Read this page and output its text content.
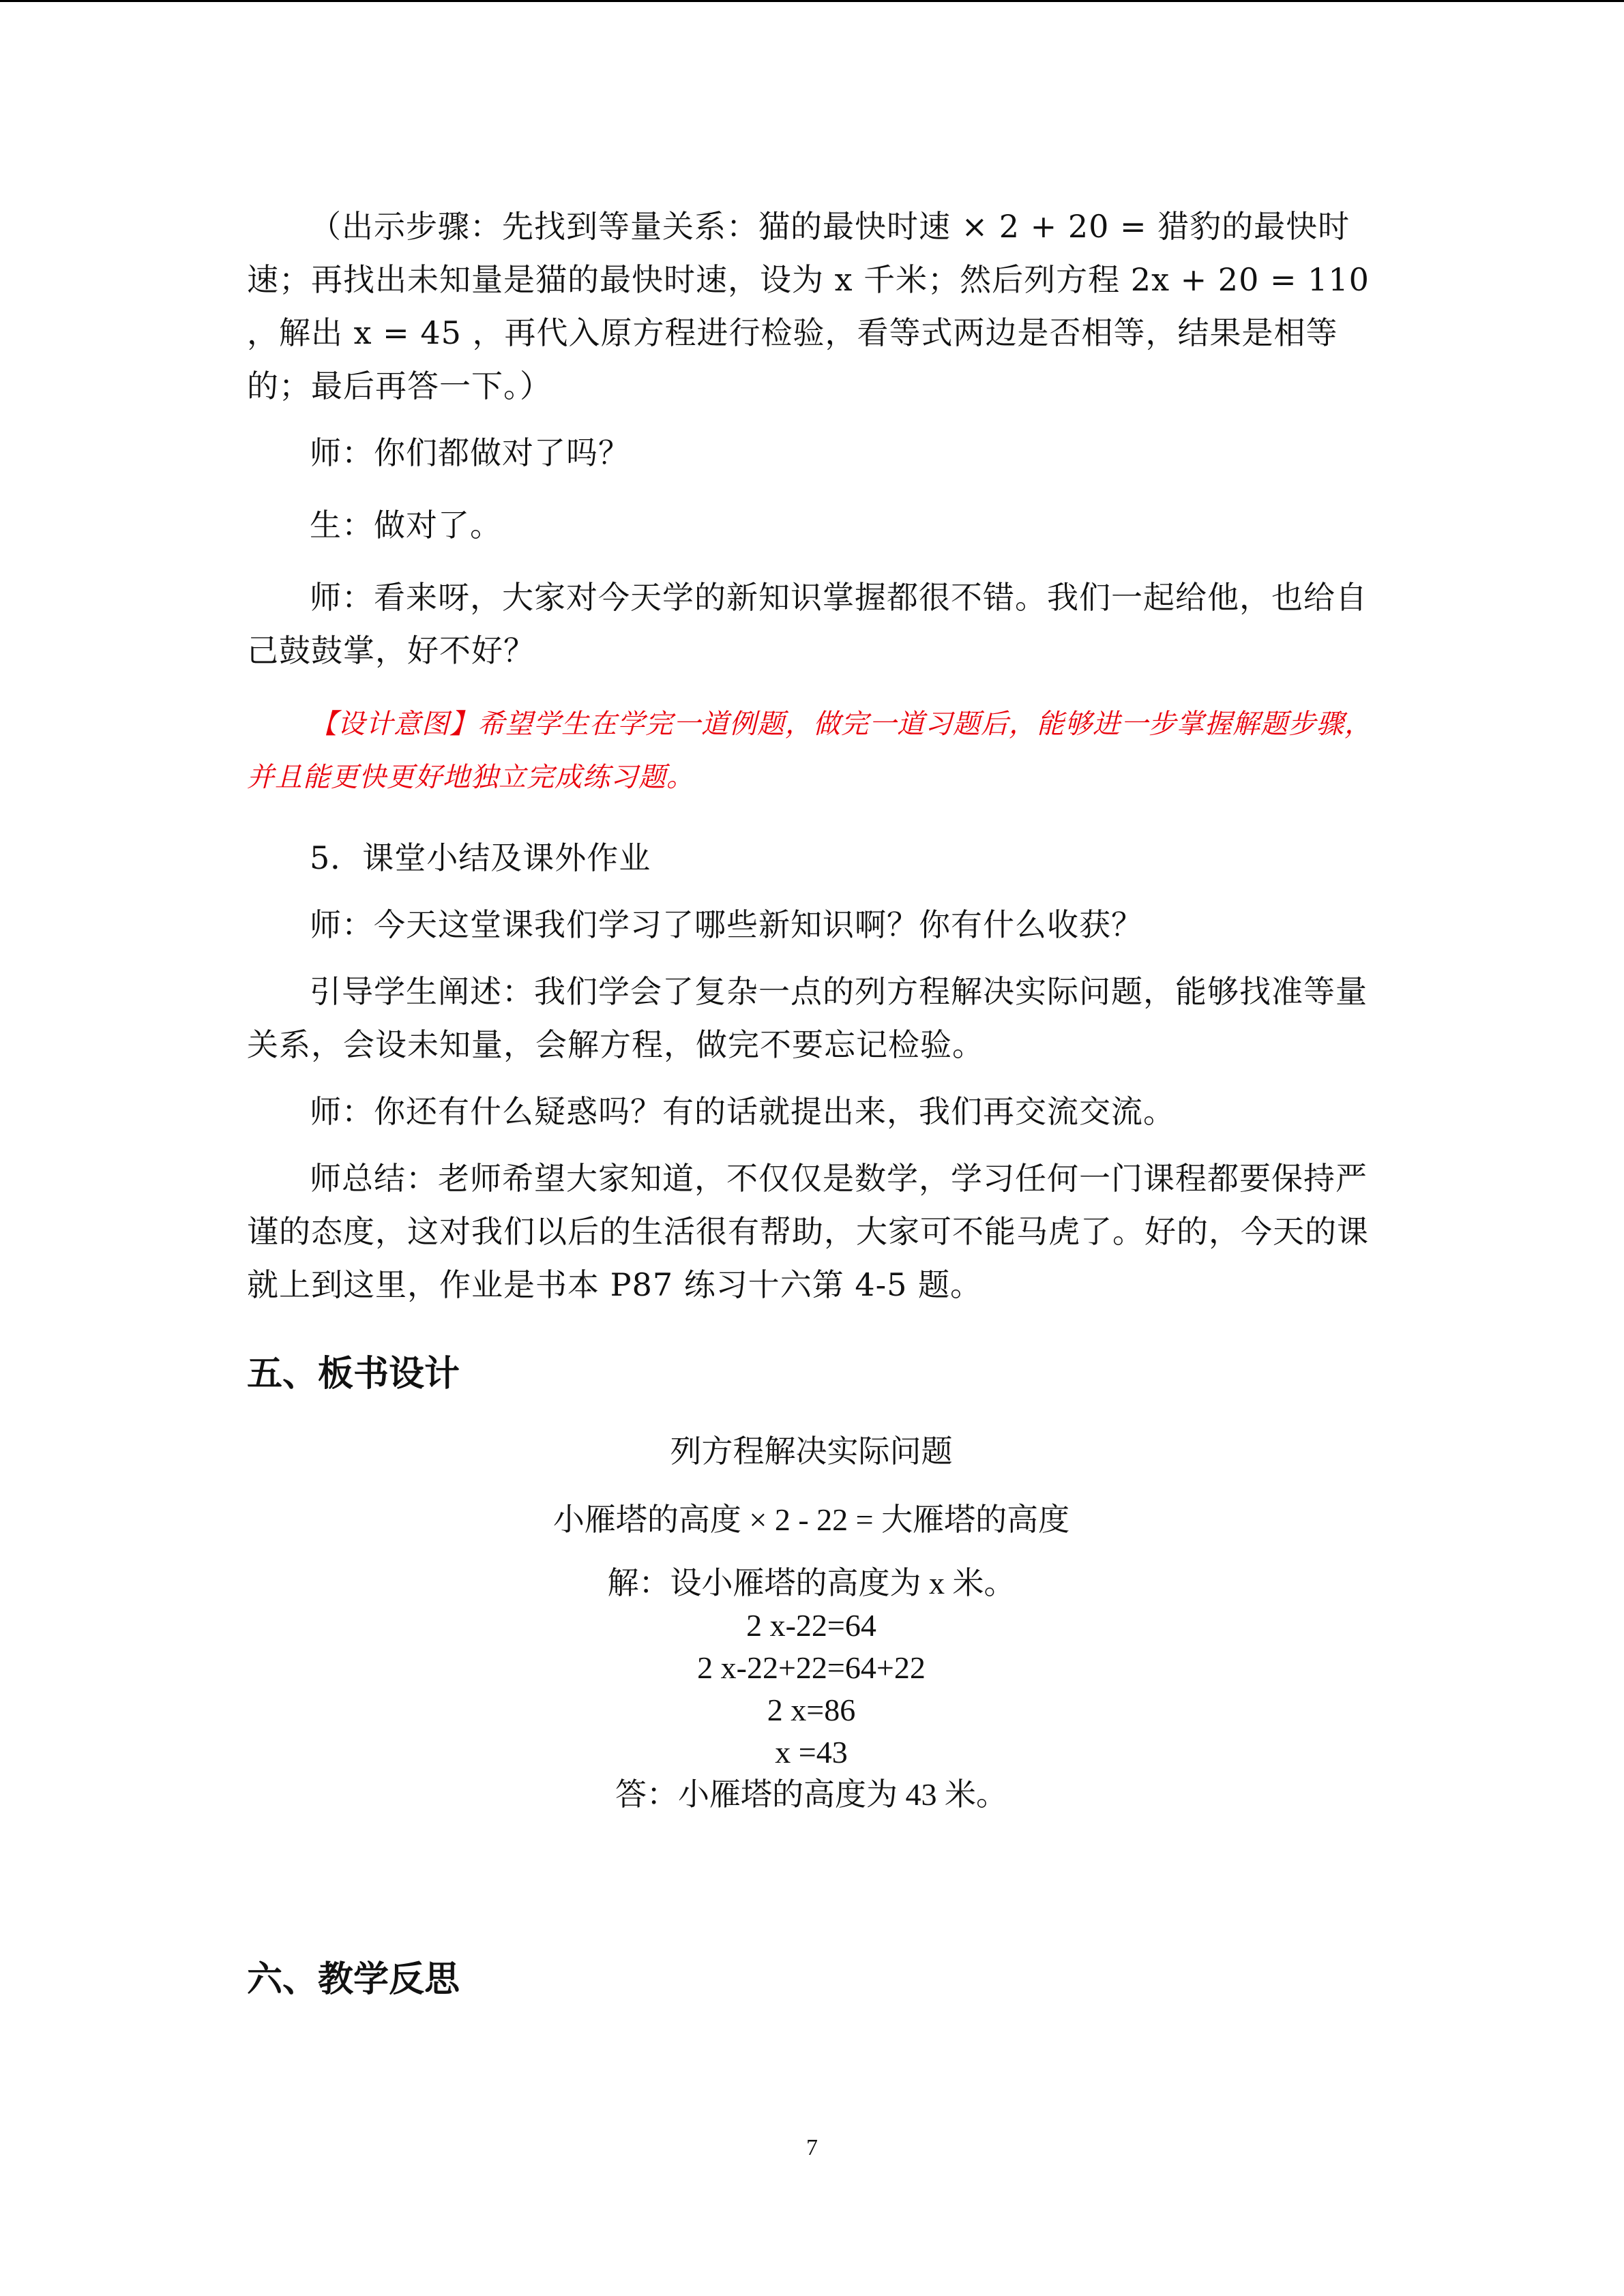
（出示步骤：先找到等量关系：猫的最快时速 × 2 + 20 = 猎豹的最快时速；再找出未知量是猫的最快时速，设为 x 千米；然后列方程 2x + 20 = 110 ，解出 x = 45 ，再代入原方程进行检验，看等式两边是否相等，结果是相等的；最后再答一下。）

师：你们都做对了吗？

生：做对了。

师：看来呀，大家对今天学的新知识掌握都很不错。我们一起给他，也给自己鼓鼓掌，好不好？

【设计意图】希望学生在学完一道例题，做完一道习题后，能够进一步掌握解题步骤，并且能更快更好地独立完成练习题。

5．课堂小结及课外作业

师：今天这堂课我们学习了哪些新知识啊？你有什么收获？

引导学生阐述：我们学会了复杂一点的列方程解决实际问题，能够找准等量关系，会设未知量，会解方程，做完不要忘记检验。

师：你还有什么疑惑吗？有的话就提出来，我们再交流交流。

师总结：老师希望大家知道，不仅仅是数学，学习任何一门课程都要保持严谨的态度，这对我们以后的生活很有帮助，大家可不能马虎了。好的，今天的课就上到这里，作业是书本 P87 练习十六第 4-5 题。

五、板书设计
列方程解决实际问题
小雁塔的高度 × 2 - 22 = 大雁塔的高度
解：设小雁塔的高度为 x 米。
2 x-22=64
2 x-22+22=64+22
2 x=86
x =43
答：小雁塔的高度为 43 米。
六、教学反思
7
